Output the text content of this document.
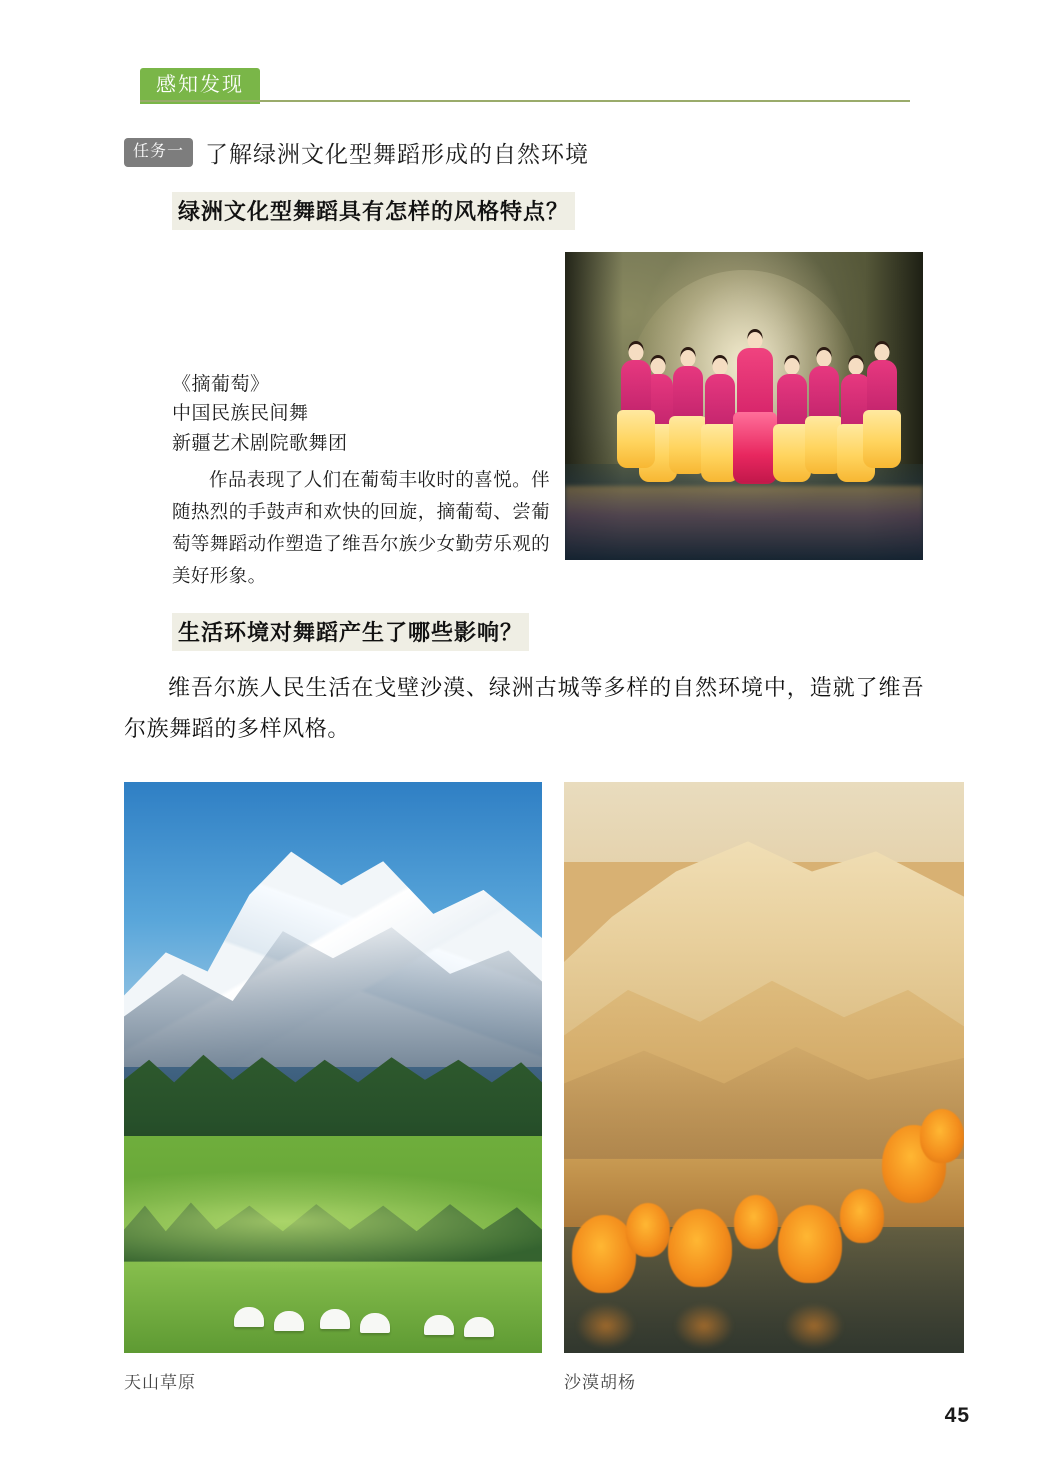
感知发现
任务一 了解绿洲文化型舞蹈形成的自然环境
绿洲文化型舞蹈具有怎样的风格特点？
《摘葡萄》
中国民族民间舞
新疆艺术剧院歌舞团
作品表现了人们在葡萄丰收时的喜悦。伴随热烈的手鼓声和欢快的回旋，摘葡萄、尝葡萄等舞蹈动作塑造了维吾尔族少女勤劳乐观的美好形象。
生活环境对舞蹈产生了哪些影响？
维吾尔族人民生活在戈壁沙漠、绿洲古城等多样的自然环境中，造就了维吾尔族舞蹈的多样风格。
天山草原	沙漠胡杨
45
